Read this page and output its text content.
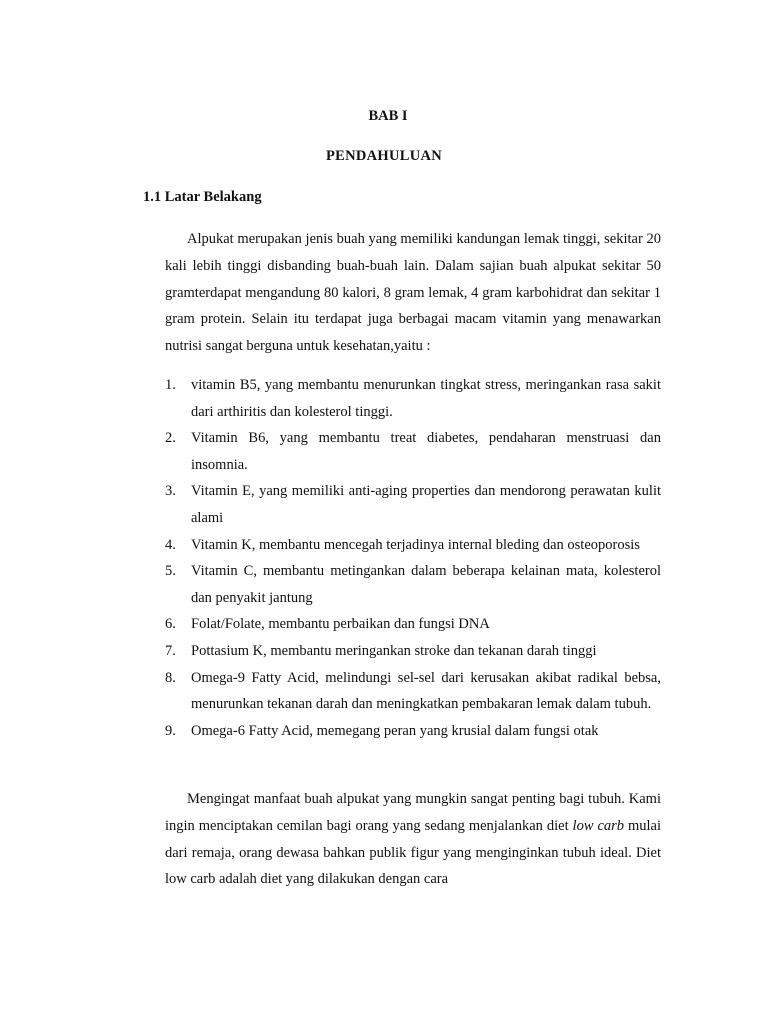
BAB I
PENDAHULUAN
1.1 Latar Belakang
Alpukat merupakan jenis buah yang memiliki kandungan lemak tinggi, sekitar 20 kali lebih tinggi disbanding buah-buah lain. Dalam sajian buah alpukat sekitar 50 gramterdapat mengandung 80 kalori, 8 gram lemak, 4 gram karbohidrat dan sekitar 1 gram protein. Selain itu terdapat juga berbagai macam vitamin yang menawarkan nutrisi sangat berguna untuk kesehatan,yaitu :
1. vitamin B5, yang membantu menurunkan tingkat stress, meringankan rasa sakit dari arthiritis dan kolesterol tinggi.
2. Vitamin B6, yang membantu treat diabetes, pendaharan menstruasi dan insomnia.
3. Vitamin E, yang memiliki anti-aging properties dan mendorong perawatan kulit alami
4. Vitamin K, membantu mencegah terjadinya internal bleding dan osteoporosis
5. Vitamin C, membantu metingankan dalam beberapa kelainan mata, kolesterol dan penyakit jantung
6. Folat/Folate, membantu perbaikan dan fungsi DNA
7. Pottasium K, membantu meringankan stroke dan tekanan darah tinggi
8. Omega-9 Fatty Acid, melindungi sel-sel dari kerusakan akibat radikal bebsa, menurunkan tekanan darah dan meningkatkan pembakaran lemak dalam tubuh.
9. Omega-6 Fatty Acid, memegang peran yang krusial dalam fungsi otak
Mengingat manfaat buah alpukat yang mungkin sangat penting bagi tubuh. Kami ingin menciptakan cemilan bagi orang yang sedang menjalankan diet low carb mulai dari remaja, orang dewasa bahkan publik figur yang menginginkan tubuh ideal. Diet low carb adalah diet yang dilakukan dengan cara
